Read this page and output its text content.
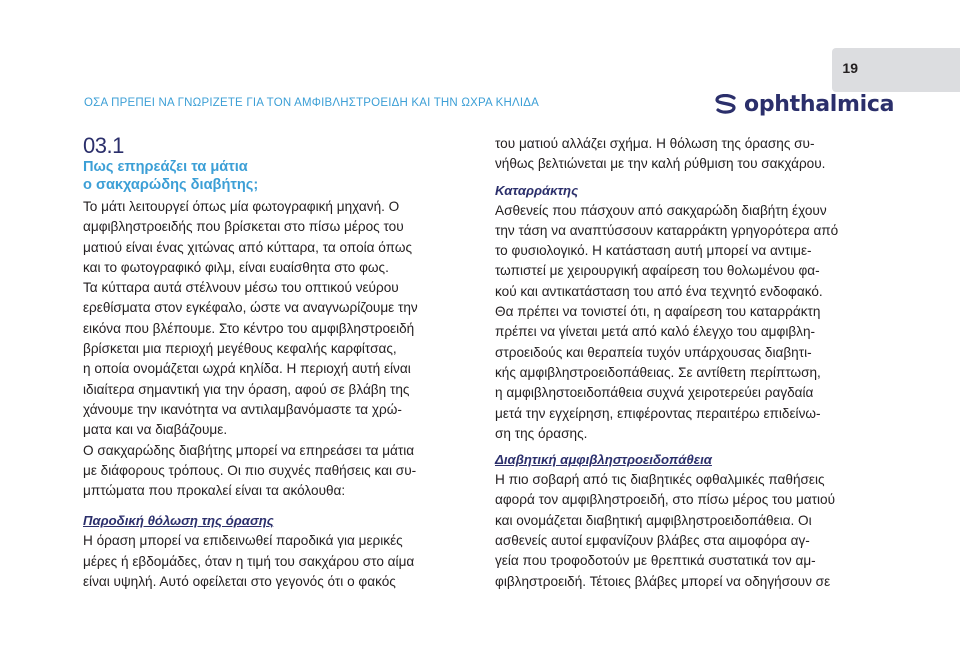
19
ΟΣΑ ΠΡΕΠΕΙ ΝΑ ΓΝΩΡΙΖΕΤΕ ΓΙΑ ΤΟΝ ΑΜΦΙΒΛΗΣΤΡΟΕΙΔΗ ΚΑΙ ΤΗΝ ΩΧΡΑ ΚΗΛΙΔΑ	ophthalmica

03.1

Πως επηρεάζει τα μάτια

ο σακχαρώδης διαβήτης;

Το μάτι λειτουργεί όπως μία φωτογραφική μηχανή. Ο

αμφιβληστροειδής που βρίσκεται στο πίσω μέρος του

ματιού είναι ένας χιτώνας από κύτταρα, τα οποία όπως

και το φωτογραφικό φιλμ, είναι ευαίσθητα στο φως.

Τα κύτταρα αυτά στέλνουν μέσω του οπτικού νεύρου

ερεθίσματα στον εγκέφαλο, ώστε να αναγνωρίζουμε την

εικόνα που βλέπουμε. Στο κέντρο του αμφιβληστροειδή

βρίσκεται μια περιοχή μεγέθους κεφαλής καρφίτσας,

η οποία ονομάζεται ωχρά κηλίδα. Η περιοχή αυτή είναι

ιδιαίτερα σημαντική για την όραση, αφού σε βλάβη της

χάνουμε την ικανότητα να αντιλαμβανόμαστε τα χρώ-

ματα και να διαβάζουμε.

Ο σακχαρώδης διαβήτης μπορεί να επηρεάσει τα μάτια

με διάφορους τρόπους. Οι πιο συχνές παθήσεις και συ-

μπτώματα που προκαλεί είναι τα ακόλουθα:

Παροδική θόλωση της όρασης

Η όραση μπορεί να επιδεινωθεί παροδικά για μερικές

μέρες ή εβδομάδες, όταν η τιμή του σακχάρου στο αίμα

είναι υψηλή. Αυτό οφείλεται στο γεγονός ότι ο φακός

του ματιού αλλάζει σχήμα. Η θόλωση της όρασης συ-

νήθως βελτιώνεται με την καλή ρύθμιση του σακχάρου.

Καταρράκτης

Ασθενείς που πάσχουν από σακχαρώδη διαβήτη έχουν

την τάση να αναπτύσσουν καταρράκτη γρηγορότερα από

το φυσιολογικό. Η κατάσταση αυτή μπορεί να αντιμε-

τωπιστεί με χειρουργική αφαίρεση του θολωμένου φα-

κού και αντικατάσταση του από ένα τεχνητό ενδοφακό.

Θα πρέπει να τονιστεί ότι, η αφαίρεση του καταρράκτη

πρέπει να γίνεται μετά από καλό έλεγχο του αμφιβλη-

στροειδούς και θεραπεία τυχόν υπάρχουσας διαβητι-

κής αμφιβληστροειδοπάθειας. Σε αντίθετη περίπτωση,

η αμφιβληστοειδοπάθεια συχνά χειροτερεύει ραγδαία

μετά την εγχείρηση, επιφέροντας περαιτέρω επιδείνω-

ση της όρασης.

Διαβητική αμφιβληστροειδοπάθεια

Η πιο σοβαρή από τις διαβητικές οφθαλμικές παθήσεις

αφορά τον αμφιβληστροειδή, στο πίσω μέρος του ματιού

και ονομάζεται διαβητική αμφιβληστροειδοπάθεια. Οι

ασθενείς αυτοί εμφανίζουν βλάβες στα αιμοφόρα αγ-

γεία που τροφοδοτούν με θρεπτικά συστατικά τον αμ-

φιβληστροειδή. Τέτοιες βλάβες μπορεί να οδηγήσουν σε
